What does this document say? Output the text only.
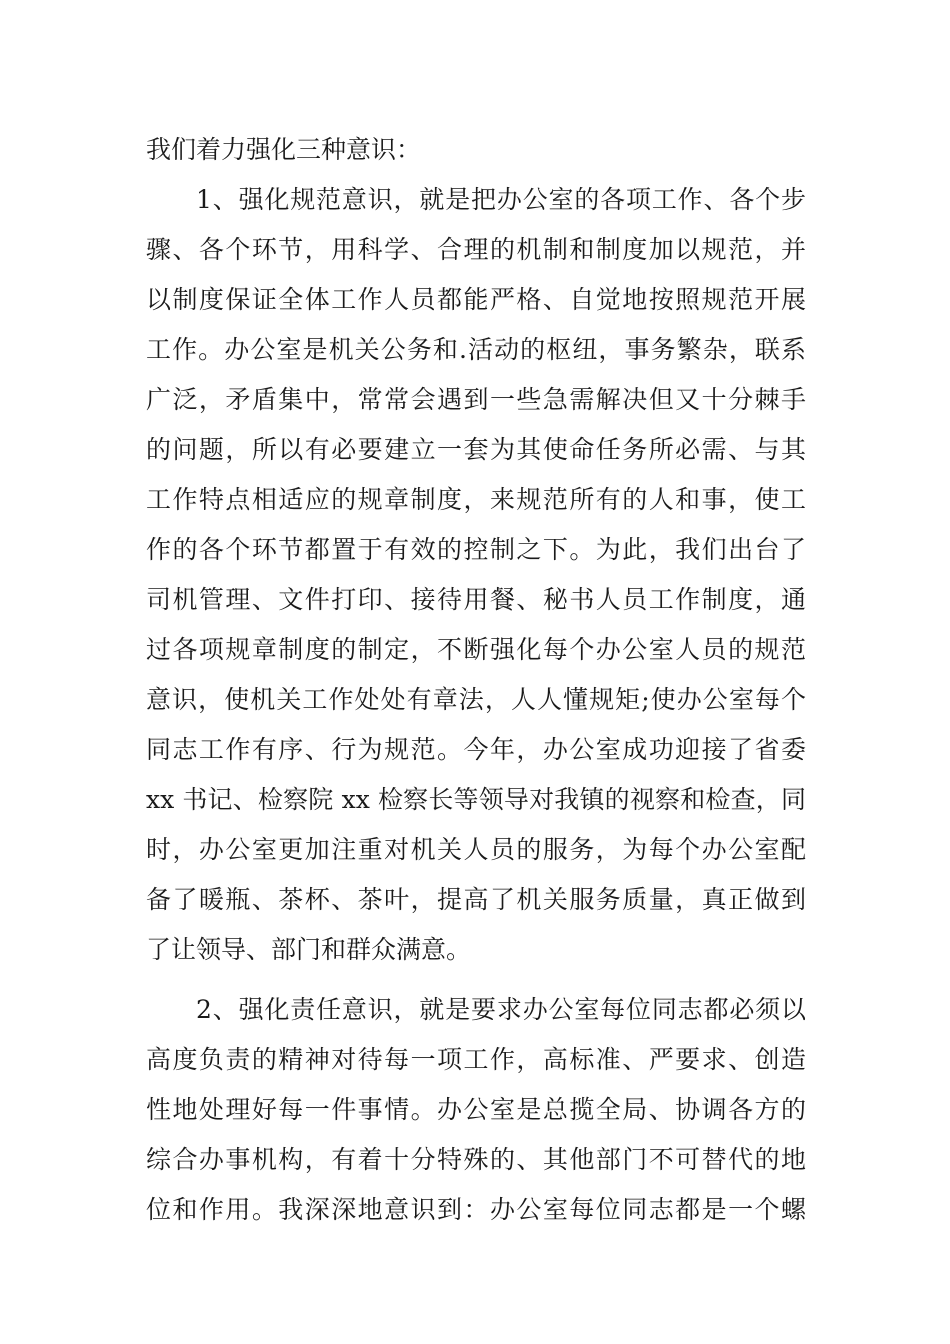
我们着力强化三种意识：
1、强化规范意识，就是把办公室的各项工作、各个步
骤、各个环节，用科学、合理的机制和制度加以规范，并
以制度保证全体工作人员都能严格、自觉地按照规范开展
工作。办公室是机关公务和.活动的枢纽，事务繁杂，联系
广泛，矛盾集中，常常会遇到一些急需解决但又十分棘手
的问题，所以有必要建立一套为其使命任务所必需、与其
工作特点相适应的规章制度，来规范所有的人和事，使工
作的各个环节都置于有效的控制之下。为此，我们出台了
司机管理、文件打印、接待用餐、秘书人员工作制度，通
过各项规章制度的制定，不断强化每个办公室人员的规范
意识，使机关工作处处有章法，人人懂规矩;使办公室每个
同志工作有序、行为规范。今年，办公室成功迎接了省委
xx 书记、检察院 xx 检察长等领导对我镇的视察和检查，同
时，办公室更加注重对机关人员的服务，为每个办公室配
备了暖瓶、茶杯、茶叶，提高了机关服务质量，真正做到
了让领导、部门和群众满意。
2、强化责任意识，就是要求办公室每位同志都必须以
高度负责的精神对待每一项工作，高标准、严要求、创造
性地处理好每一件事情。办公室是总揽全局、协调各方的
综合办事机构，有着十分特殊的、其他部门不可替代的地
位和作用。我深深地意识到：办公室每位同志都是一个螺
